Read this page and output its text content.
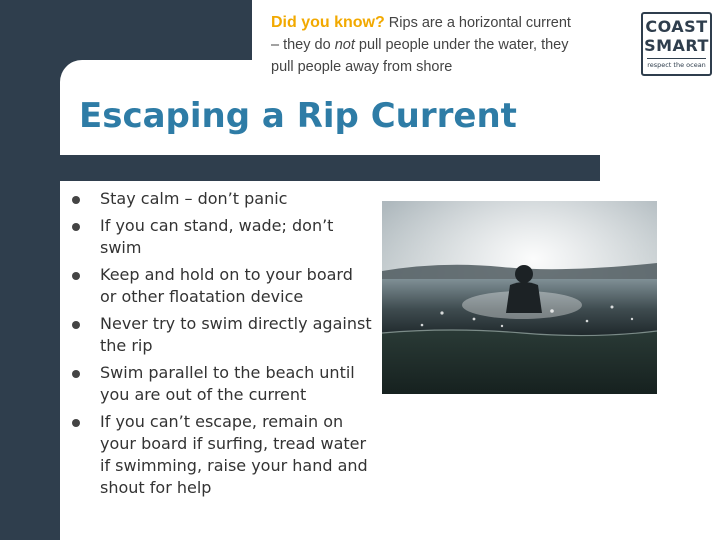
Did you know? Rips are a horizontal current
– they do not pull people under the water, they
pull people away from shore
COAST
SMART
respect the ocean
Escaping a Rip Current
Stay calm – don’t panic
If you can stand, wade; don’t swim
Keep and hold on to your board or other floatation device
Never try to swim directly against the rip
Swim parallel to the beach until you are out of the current
If you can’t escape, remain on your board if surfing, tread water if swimming, raise your hand and shout for help
